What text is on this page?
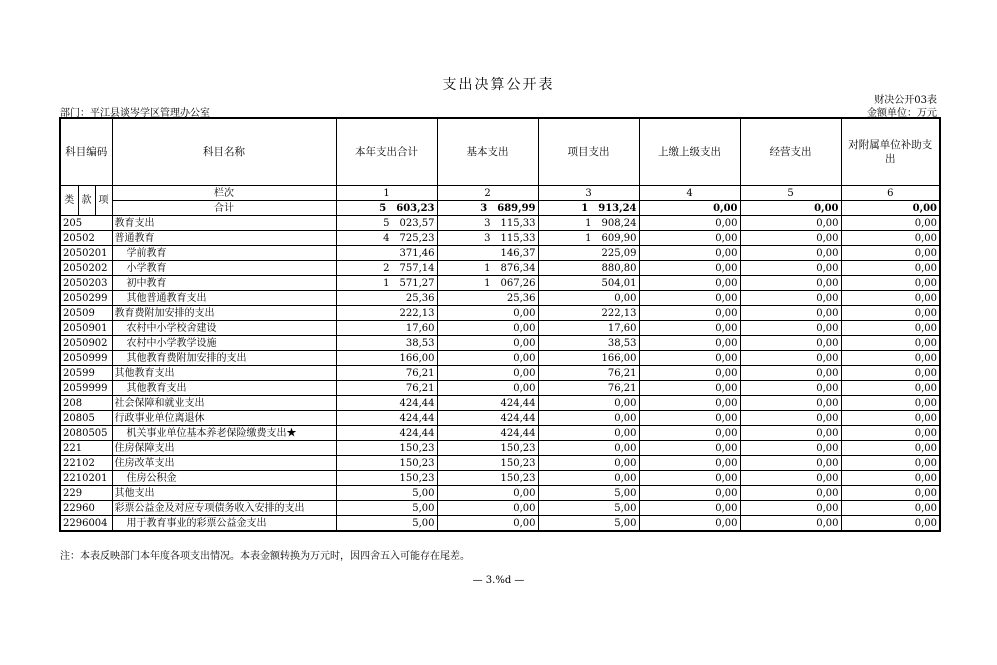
支出决算公开表
财决公开03表
部门：平江县谈岑学区管理办公室	金额单位：万元
科目编码			科目名称	本年支出合计	基本支出	项目支出	上缴上级支出	经营支出	对附属单位补助支出
类	款	项	栏次	1	2	3	4	5	6
			合计	5　603,23	3　689,99	1　913,24	0,00	0,00	0,00
205			教育支出	5　023,57	3　115,33	1　908,24	0,00	0,00	0,00
20502			普通教育	4　725,23	3　115,33	1　609,90	0,00	0,00	0,00
2050201			学前教育	371,46	146,37	225,09	0,00	0,00	0,00
2050202			小学教育	2　757,14	1　876,34	880,80	0,00	0,00	0,00
2050203			初中教育	1　571,27	1　067,26	504,01	0,00	0,00	0,00
2050299			其他普通教育支出	25,36	25,36	0,00	0,00	0,00	0,00
20509			教育费附加安排的支出	222,13	0,00	222,13	0,00	0,00	0,00
2050901			农村中小学校舍建设	17,60	0,00	17,60	0,00	0,00	0,00
2050902			农村中小学教学设施	38,53	0,00	38,53	0,00	0,00	0,00
2050999			其他教育费附加安排的支出	166,00	0,00	166,00	0,00	0,00	0,00
20599			其他教育支出	76,21	0,00	76,21	0,00	0,00	0,00
2059999			其他教育支出	76,21	0,00	76,21	0,00	0,00	0,00
208			社会保障和就业支出	424,44	424,44	0,00	0,00	0,00	0,00
20805			行政事业单位离退休	424,44	424,44	0,00	0,00	0,00	0,00
2080505			机关事业单位基本养老保险缴费支出★	424,44	424,44	0,00	0,00	0,00	0,00
221			住房保障支出	150,23	150,23	0,00	0,00	0,00	0,00
22102			住房改革支出	150,23	150,23	0,00	0,00	0,00	0,00
2210201			住房公积金	150,23	150,23	0,00	0,00	0,00	0,00
229			其他支出	5,00	0,00	5,00	0,00	0,00	0,00
22960			彩票公益金及对应专项债务收入安排的支出	5,00	0,00	5,00	0,00	0,00	0,00
2296004			用于教育事业的彩票公益金支出	5,00	0,00	5,00	0,00	0,00	0,00
注：本表反映部门本年度各项支出情况。本表金额转换为万元时，因四舍五入可能存在尾差。
— 3.%d —
